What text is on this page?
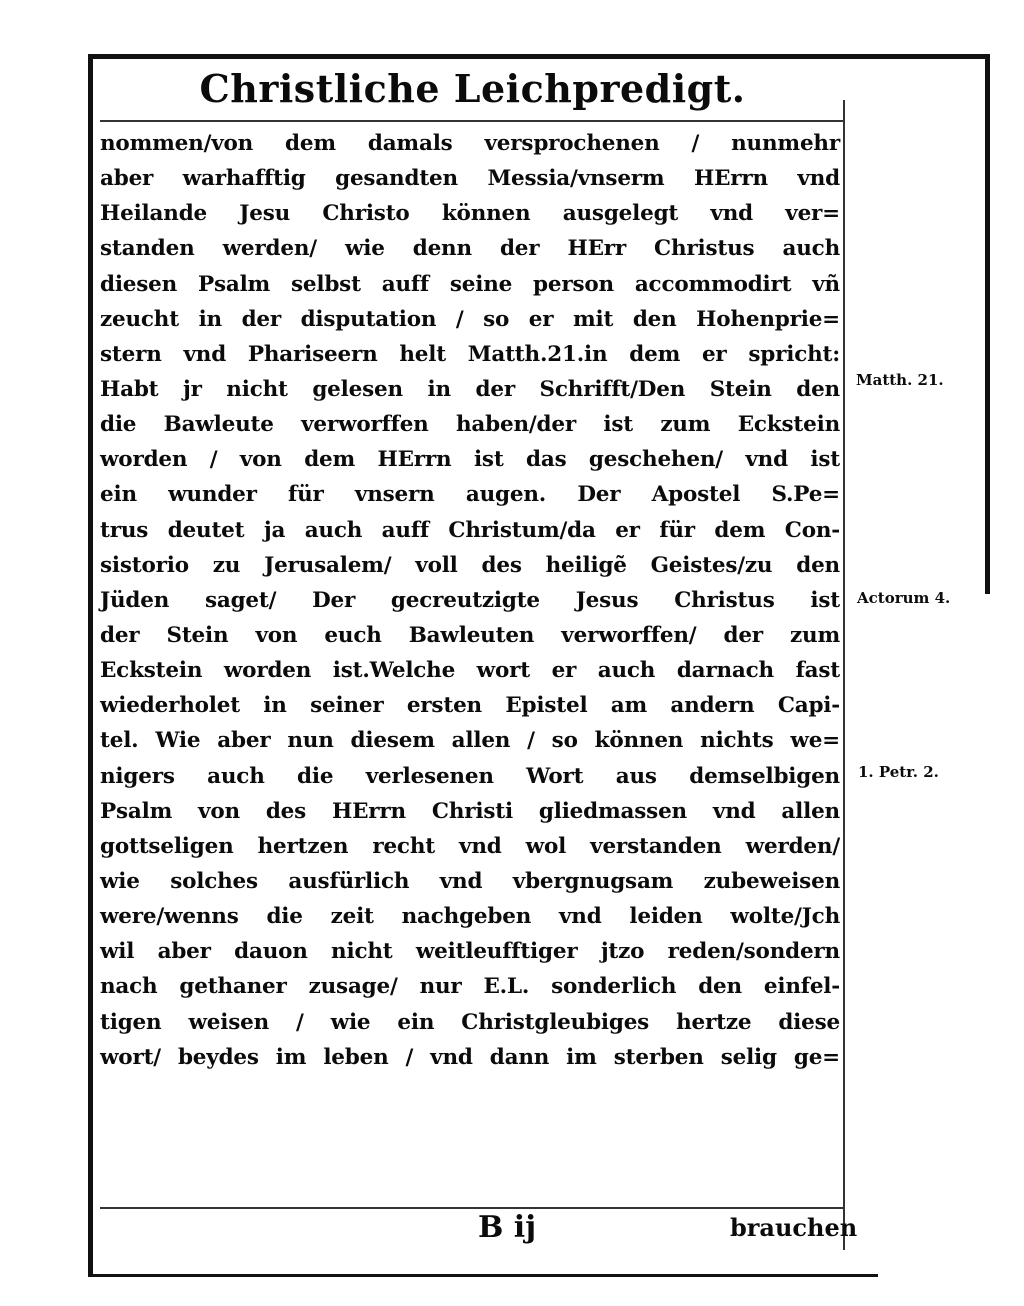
Christliche Leichpredigt.
nommen/von dem damals versprochenen / nunmehr
aber warhafftig gesandten Messia/vnserm HErrn vnd
Heilande Jesu Christo können ausgelegt vnd ver=
standen werden/ wie denn der HErr Christus auch
diesen Psalm selbst auff seine person accommodirt vñ
zeucht in der disputation / so er mit den Hohenprie=
stern vnd Phariseern helt Matth.21.in dem er spricht:
Habt jr nicht gelesen in der Schrifft/Den Stein den
die Bawleute verworffen haben/der ist zum Eckstein
worden / von dem HErrn ist das geschehen/ vnd ist
ein wunder für vnsern augen. Der Apostel S.Pe=
trus deutet ja auch auff Christum/da er für dem Con-
sistorio zu Jerusalem/ voll des heiligẽ Geistes/zu den
Jüden saget/ Der gecreutzigte Jesus Christus ist
der Stein von euch Bawleuten verworffen/ der zum
Eckstein worden ist.Welche wort er auch darnach fast
wiederholet in seiner ersten Epistel am andern Capi-
tel. Wie aber nun diesem allen / so können nichts we=
nigers auch die verlesenen Wort aus demselbigen
Psalm von des HErrn Christi gliedmassen vnd allen
gottseligen hertzen recht vnd wol verstanden werden/
wie solches ausfürlich vnd vbergnugsam zubeweisen
were/wenns die zeit nachgeben vnd leiden wolte/Jch
wil aber dauon nicht weitleufftiger jtzo reden/sondern
nach gethaner zusage/ nur E.L. sonderlich den einfel-
tigen weisen / wie ein Christgleubiges hertze diese
wort/ beydes im leben / vnd dann im sterben selig ge=
Matth. 21.
Actorum 4.
1. Petr. 2.
B ij	brauchen
